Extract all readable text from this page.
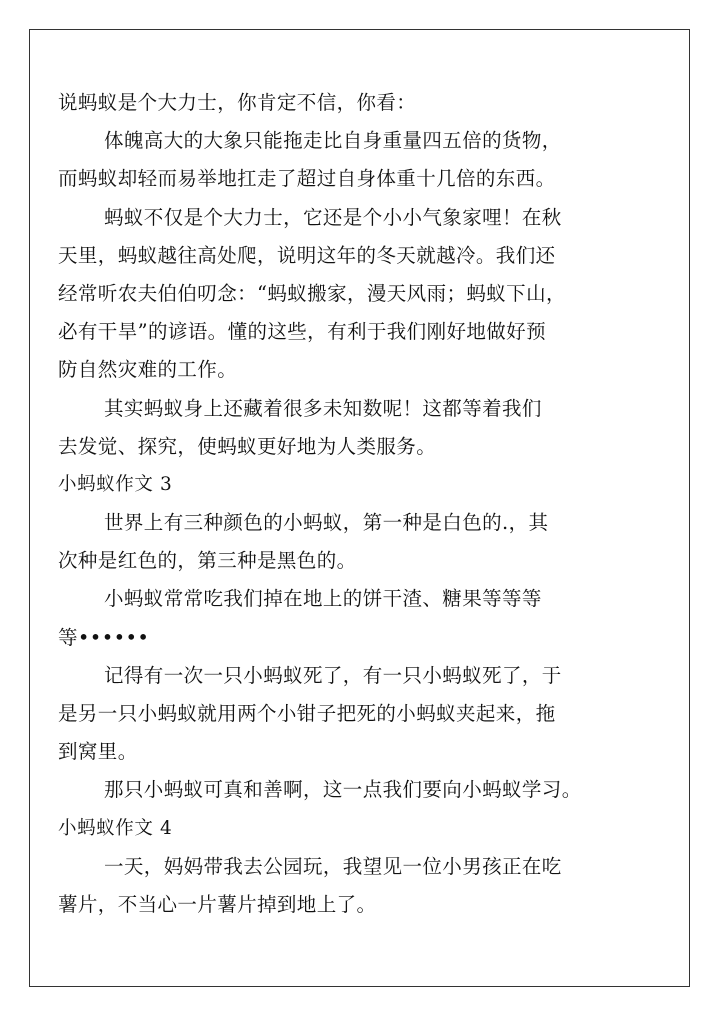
说蚂蚁是个大力士，你肯定不信，你看：
体魄高大的大象只能拖走比自身重量四五倍的货物，
而蚂蚁却轻而易举地扛走了超过自身体重十几倍的东西。
蚂蚁不仅是个大力士，它还是个小小气象家哩！在秋
天里，蚂蚁越往高处爬，说明这年的冬天就越冷。我们还
经常听农夫伯伯叨念：“蚂蚁搬家，漫天风雨；蚂蚁下山，
必有干旱”的谚语。懂的这些，有利于我们刚好地做好预
防自然灾难的工作。
其实蚂蚁身上还藏着很多未知数呢！这都等着我们
去发觉、探究，使蚂蚁更好地为人类服务。
小蚂蚁作文 3
世界上有三种颜色的小蚂蚁，第一种是白色的.，其
次种是红色的，第三种是黑色的。
小蚂蚁常常吃我们掉在地上的饼干渣、糖果等等等
等••••••
记得有一次一只小蚂蚁死了，有一只小蚂蚁死了，于
是另一只小蚂蚁就用两个小钳子把死的小蚂蚁夹起来，拖
到窝里。
那只小蚂蚁可真和善啊，这一点我们要向小蚂蚁学习。
小蚂蚁作文 4
一天，妈妈带我去公园玩，我望见一位小男孩正在吃
薯片，不当心一片薯片掉到地上了。
